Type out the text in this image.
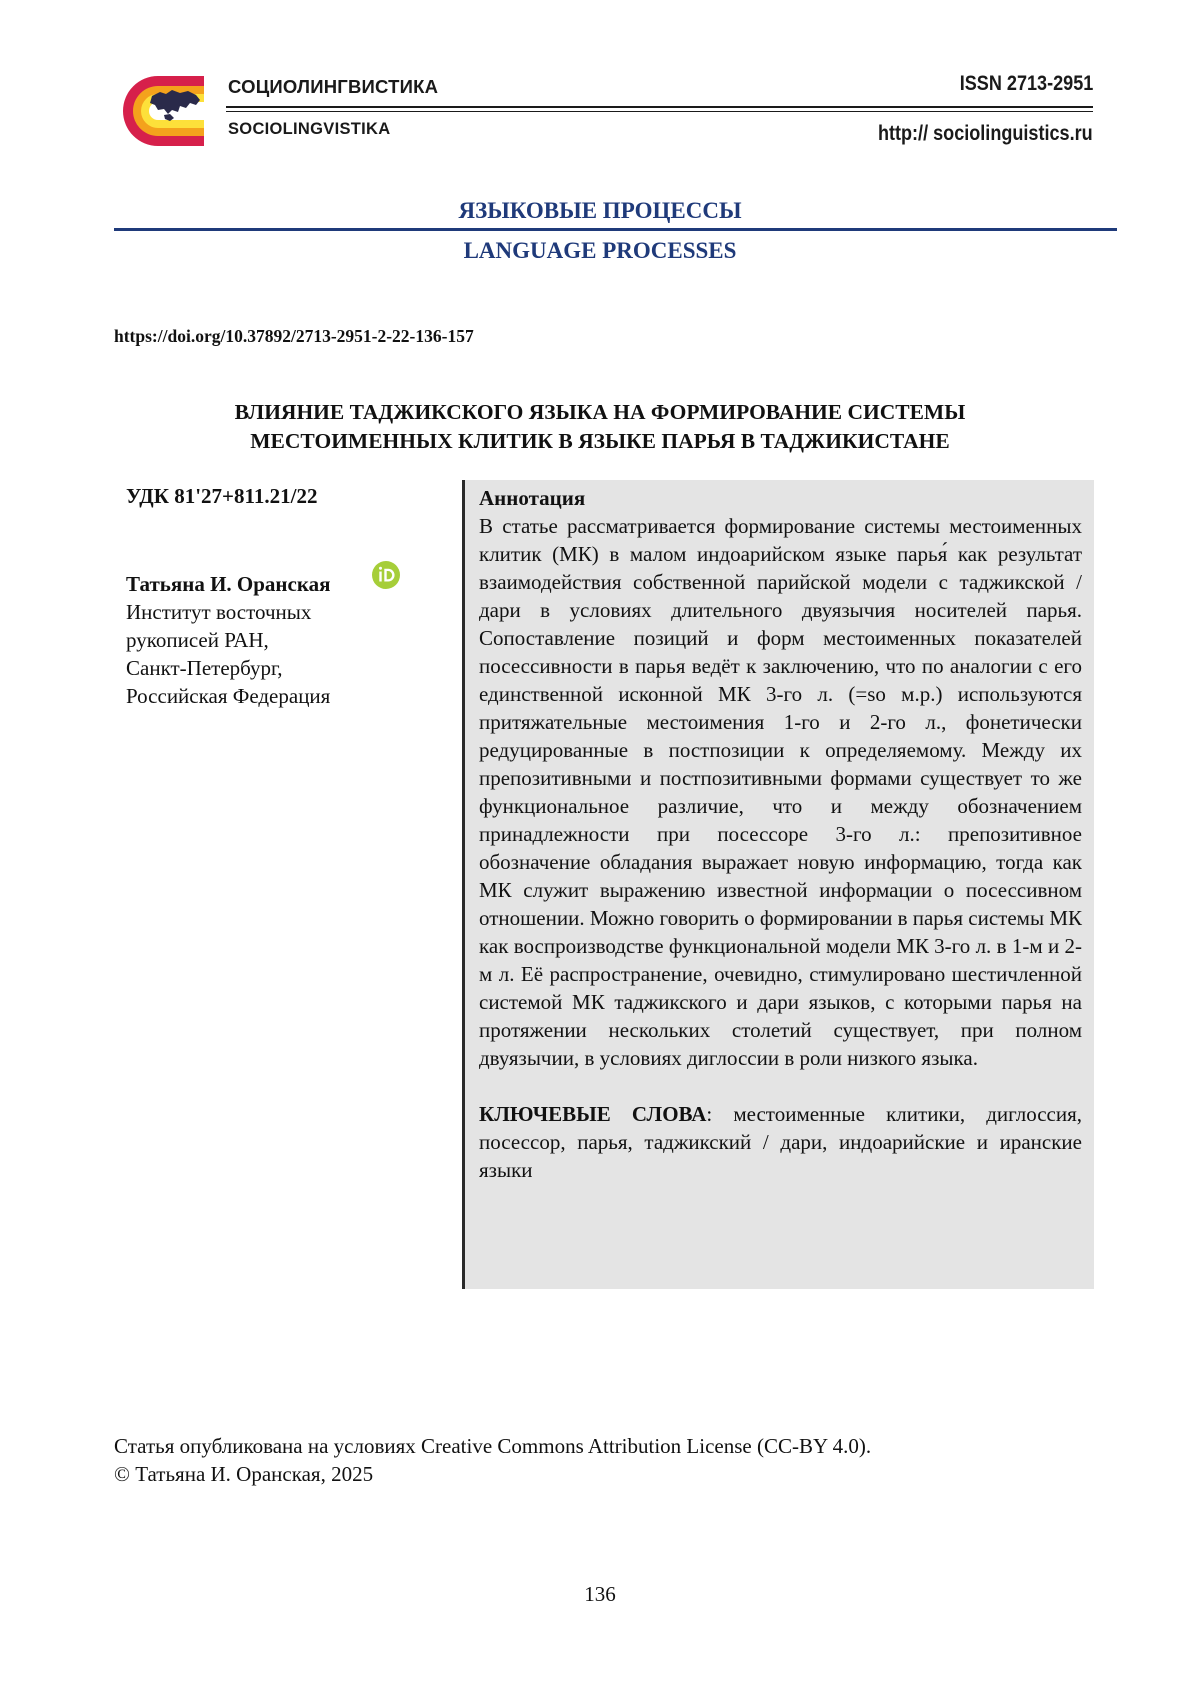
СОЦИОЛИНГВИСТИКА
SOCIOLINGVISTIKA
ISSN 2713-2951
http:// sociolinguistics.ru
ЯЗЫКОВЫЕ ПРОЦЕССЫ
LANGUAGE PROCESSES
https://doi.org/10.37892/2713-2951-2-22-136-157
ВЛИЯНИЕ ТАДЖИКСКОГО ЯЗЫКА НА ФОРМИРОВАНИЕ СИСТЕМЫ
МЕСТОИМЕННЫХ КЛИТИК В ЯЗЫКЕ ПАРЬЯ В ТАДЖИКИСТАНЕ
УДК 81'27+811.21/22
Татьяна И. Оранская
Институт восточных
рукописей РАН,
Санкт-Петербург,
Российская Федерация
Аннотация
В статье рассматривается формирование системы местоименных клитик (МК) в малом индоарийском языке парья́ как результат взаимодействия собственной парийской модели с таджикской / дари в условиях длительного двуязычия носителей парья. Сопоставление позиций и форм местоименных показателей посессивности в парья ведёт к заключению, что по аналогии с его единственной исконной МК 3-го л. (=so м.р.) используются притяжательные местоимения 1-го и 2-го л., фонетически редуцированные в постпозиции к определяемому. Между их препозитивными и постпозитивными формами существует то же функциональное различие, что и между обозначением принадлежности при посессоре 3-го л.: препозитивное обозначение обладания выражает новую информацию, тогда как МК служит выражению известной информации о посессивном отношении. Можно говорить о формировании в парья системы МК как воспроизводстве функциональной модели МК 3-го л. в 1-м и 2-м л. Её распространение, очевидно, стимулировано шестичленной системой МК таджикского и дари языков, с которыми парья на протяжении нескольких столетий существует, при полном двуязычии, в условиях диглоссии в роли низкого языка.
КЛЮЧЕВЫЕ СЛОВА: местоименные клитики, диглоссия, посессор, парья, таджикский / дари, индоарийские и иранские языки
Статья опубликована на условиях Creative Commons Attribution License (CC-BY 4.0).
© Татьяна И. Оранская, 2025
136
